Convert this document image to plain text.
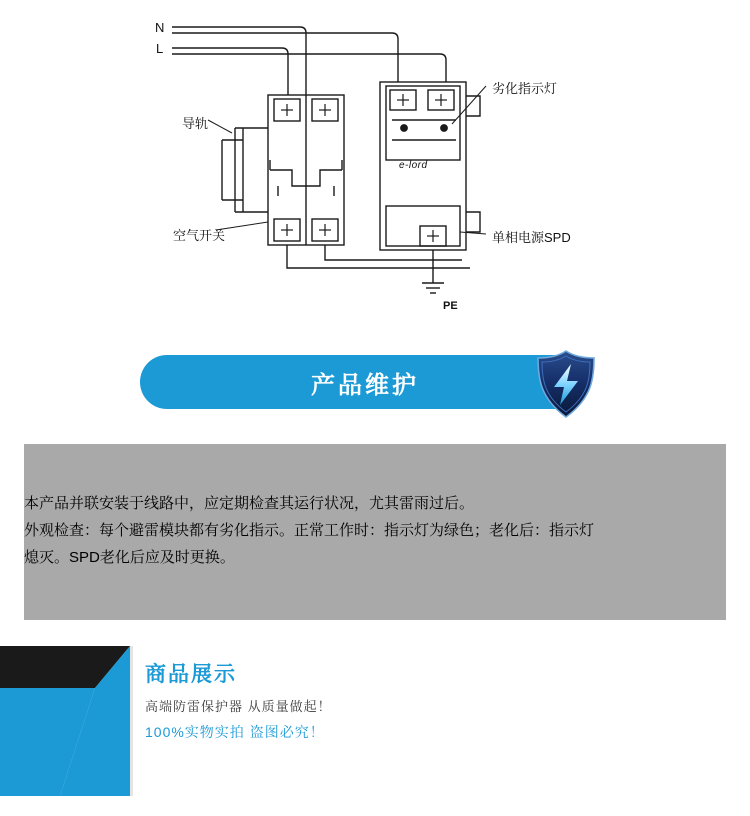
N
L
导轨
空气开关
劣化指示灯
单相电源SPD
PE
e-lord
产品维护
本产品并联安装于线路中，应定期检查其运行状况，尤其雷雨过后。
外观检查：每个避雷模块都有劣化指示。正常工作时：指示灯为绿色；老化后：指示灯
熄灭。SPD老化后应及时更换。
商品展示
高端防雷保护器 从质量做起！
100%实物实拍 盗图必究！
